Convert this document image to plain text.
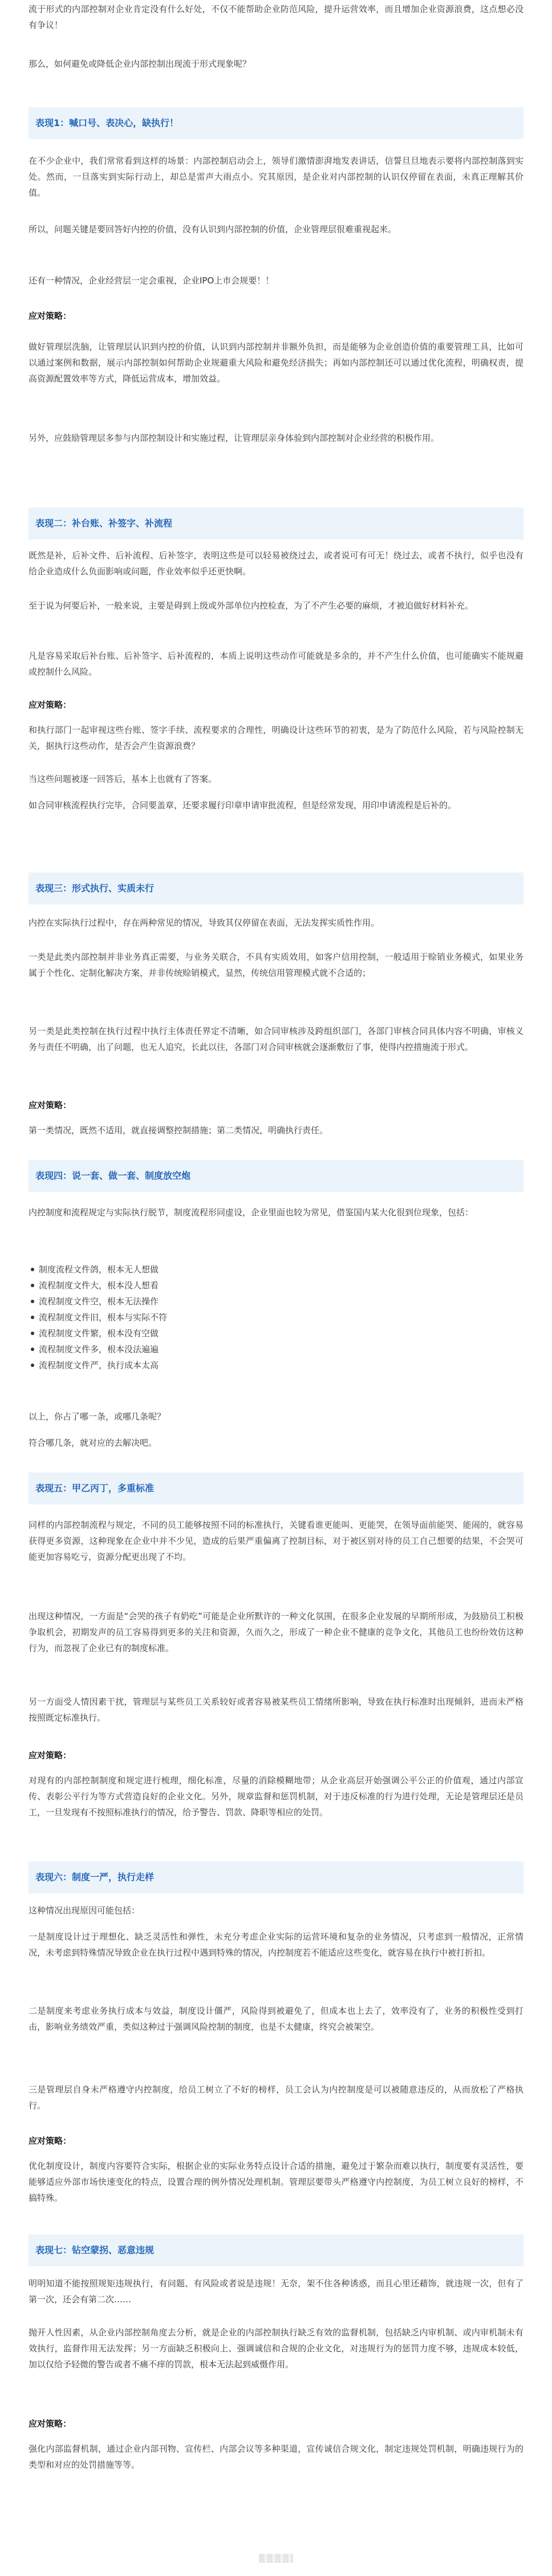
流于形式的内部控制对企业肯定没有什么好处，不仅不能帮助企业防范风险，提升运营效率，而且增加企业资源浪费，这点想必没有争议！

那么，如何避免或降低企业内部控制出现流于形式现象呢？

表现1：喊口号、表决心，缺执行！

在不少企业中，我们常常看到这样的场景：内部控制启动会上，领导们激情澎湃地发表讲话，信誓旦旦地表示要将内部控制落到实处。然而，一旦落实到实际行动上，却总是雷声大雨点小。究其原因，是企业对内部控制的认识仅停留在表面，未真正理解其价值。

所以，问题关键是要回答好内控的价值，没有认识到内部控制的价值，企业管理层很难重视起来。

还有一种情况，企业经营层一定会重视，企业IPO上市会规要！！

应对策略：

做好管理层洗脑，让管理层认识到内控的价值，认识到内部控制并非额外负担，而是能够为企业创造价值的重要管理工具，比如可以通过案例和数据，展示内部控制如何帮助企业规避重大风险和避免经济损失；再如内部控制还可以通过优化流程，明确权责，提高资源配置效率等方式，降低运营成本，增加效益。

另外，应鼓励管理层多参与内部控制设计和实施过程，让管理层亲身体验到内部控制对企业经营的积极作用。

表现二：补台账、补签字、补流程

既然是补，后补文件、后补流程、后补签字，表明这些是可以轻易被绕过去，或者说可有可无！绕过去，或者不执行，似乎也没有给企业造成什么负面影响或问题，作业效率似乎还更快啊。

至于说为何要后补，一般来说，主要是碍到上级或外部单位内控检查，为了不产生必要的麻烦，才被迫做好材料补充。

凡是容易采取后补台账、后补签字、后补流程的，本质上说明这些动作可能就是多余的，并不产生什么价值，也可能确实不能规避或控制什么风险。

应对策略：

和执行部门一起审视这些台账、签字手续、流程要求的合理性，明确设计这些环节的初衷，是为了防范什么风险，若与风险控制无关，据执行这些动作，是否会产生资源浪费？

当这些问题被逐一回答后，基本上也就有了答案。

如合同审核流程执行完毕，合同要盖章，还要求履行印章申请审批流程，但是经常发现，用印申请流程是后补的。

表现三：形式执行、实质未行

内控在实际执行过程中，存在两种常见的情况，导致其仅停留在表面，无法发挥实质性作用。

一类是此类内部控制并非业务真正需要，与业务关联合，不具有实质效用，如客户信用控制，一般适用于赊销业务模式，如果业务属于个性化、定制化解决方案，并非传统赊销模式，显然，传统信用管理模式就不合适的；

另一类是此类控制在执行过程中执行主体责任界定不清晰，如合同审核涉及跨组织部门，各部门审核合同具体内容不明确，审核义务与责任不明确，出了问题，也无人追究，长此以往，各部门对合同审核就会逐渐敷衍了事，使得内控措施流于形式。

应对策略：

第一类情况，既然不适用，就直接调整控制措施；第二类情况，明确执行责任。

表现四：说一套、做一套、制度放空炮

内控制度和流程规定与实际执行脱节，制度流程形同虚设，企业里面也较为常见，借鉴国内某大化很到位现象，包括：

制度流程文件鸽，根本无人想做
流程制度文件大，根本没人想看
流程制度文件空，根本无法操作
流程制度文件旧，根本与实际不符
流程制度文件繁，根本没有空做
流程制度文件多，根本没法遍遍
流程制度文件严，执行成本太高

以上，你占了哪一条，或哪几条呢？

符合哪几条，就对应的去解决吧。

表现五：甲乙丙丁，多重标准

同样的内部控制流程与规定，不同的员工能够按照不同的标准执行，关键看谁更能叫、更能哭，在领导面前能哭、能闹的，就容易获得更多资源，这种现象在企业中并不少见，造成的后果严重偏离了控制目标，对于被区别对待的员工自己想要的结果，不会哭可能更加容易吃亏，资源分配更出现了不均。

出现这种情况，一方面是“会哭的孩子有奶吃”可能是企业所默许的一种文化氛围，在很多企业发展的早期所形成，为鼓励员工积极争取机会，初期发声的员工容易得到更多的关注和资源，久而久之，形成了一种企业不健康的竞争文化，其他员工也纷纷效仿这种行为，而忽视了企业已有的制度标准。

另一方面受人情因素干扰，管理层与某些员工关系较好或者容易被某些员工情绪所影响，导致在执行标准时出现倾斜，进而未严格按照既定标准执行。

应对策略：

对现有的内部控制制度和规定进行梳理，细化标准，尽量的消除模糊地带；从企业高层开始强调公平公正的价值观，通过内部宣传、表彰公平行为等方式营造良好的企业文化。另外，规章监督和惩罚机制，对于违反标准的行为进行处理，无论是管理层还是员工，一旦发现有不按照标准执行的情况，给予警告、罚款、降职等相应的处罚。

表现六：制度一严，执行走样

这种情况出现原因可能包括：

一是制度设计过于理想化、缺乏灵活性和弹性，未充分考虑企业实际的运营环境和复杂的业务情况，只考虑到一般情况，正常情况，未考虑到特殊情况导致企业在执行过程中遇到特殊的情况，内控制度若不能适应这些变化，就容易在执行中被打折扣。

二是制度来考虑业务执行成本与效益，制度设计僵严，风险得到被避免了，但成本也上去了，效率没有了，业务的积极性受到打击，影响业务绩效严重，类似这种过于强调风险控制的制度，也是不太健康，终究会被架空。

三是管理层自身未严格遵守内控制度，给员工树立了不好的榜样，员工会认为内控制度是可以被随意违反的，从而放松了严格执行。

应对策略：

优化制度设计，制度内容要符合实际，根据企业的实际业务特点设计合适的措施，避免过于繁杂而难以执行，制度要有灵活性，要能够适应外部市场快速变化的特点，设置合理的例外情况处理机制。管理层要带头严格遵守内控制度，为员工树立良好的榜样，不搞特殊。

表现七：钻空蒙拐、恶意违规

明明知道不能按照规矩违规执行，有问题、有风险或者说是违规！无奈，架不住各种诱惑，而且心里还藉饰，就违规一次，但有了第一次，还会有第二次……

抛开人性因素，从企业内部控制角度去分析，就是企业的内部控制执行缺乏有效的监督机制，包括缺乏内审机制、或内审机制未有效执行，监督作用无法发挥；另一方面缺乏积极向上、强调诚信和合规的企业文化，对违规行为的惩罚力度不够，违规成本较低，加以仅给予轻微的警告或者不痛不痒的罚款，根本无法起到威慑作用。

应对策略：

强化内部监督机制，通过企业内部刊物、宣传栏、内部会议等多种渠道，宣传诚信合规文化，制定违规处罚机制，明确违规行为的类型和对应的处罚措施等等。
